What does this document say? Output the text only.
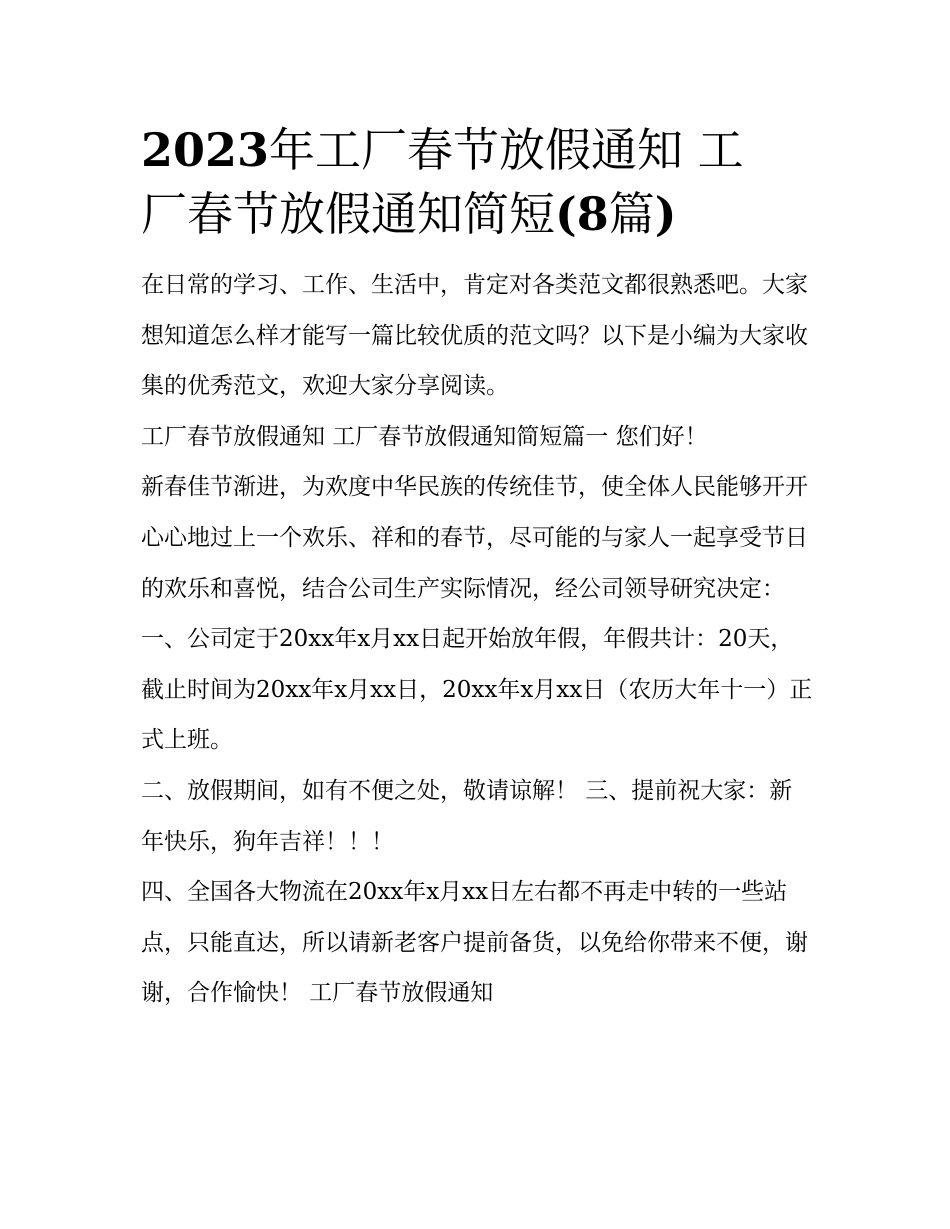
2023年工厂春节放假通知 工
厂春节放假通知简短(8篇)

在日常的学习、工作、生活中，肯定对各类范文都很熟悉吧。大家想知道怎么样才能写一篇比较优质的范文吗？以下是小编为大家收集的优秀范文，欢迎大家分享阅读。

工厂春节放假通知 工厂春节放假通知简短篇一 您们好！

新春佳节渐进，为欢度中华民族的传统佳节，使全体人民能够开开心心地过上一个欢乐、祥和的春节，尽可能的与家人一起享受节日的欢乐和喜悦，结合公司生产实际情况，经公司领导研究决定：

一、公司定于20xx年x月xx日起开始放年假，年假共计：20天，截止时间为20xx年x月xx日，20xx年x月xx日（农历大年十一）正式上班。

二、放假期间，如有不便之处，敬请谅解！ 三、提前祝大家：新年快乐，狗年吉祥！！！

四、全国各大物流在20xx年x月xx日左右都不再走中转的一些站点，只能直达，所以请新老客户提前备货，以免给你带来不便，谢谢，合作愉快！ 工厂春节放假通知
